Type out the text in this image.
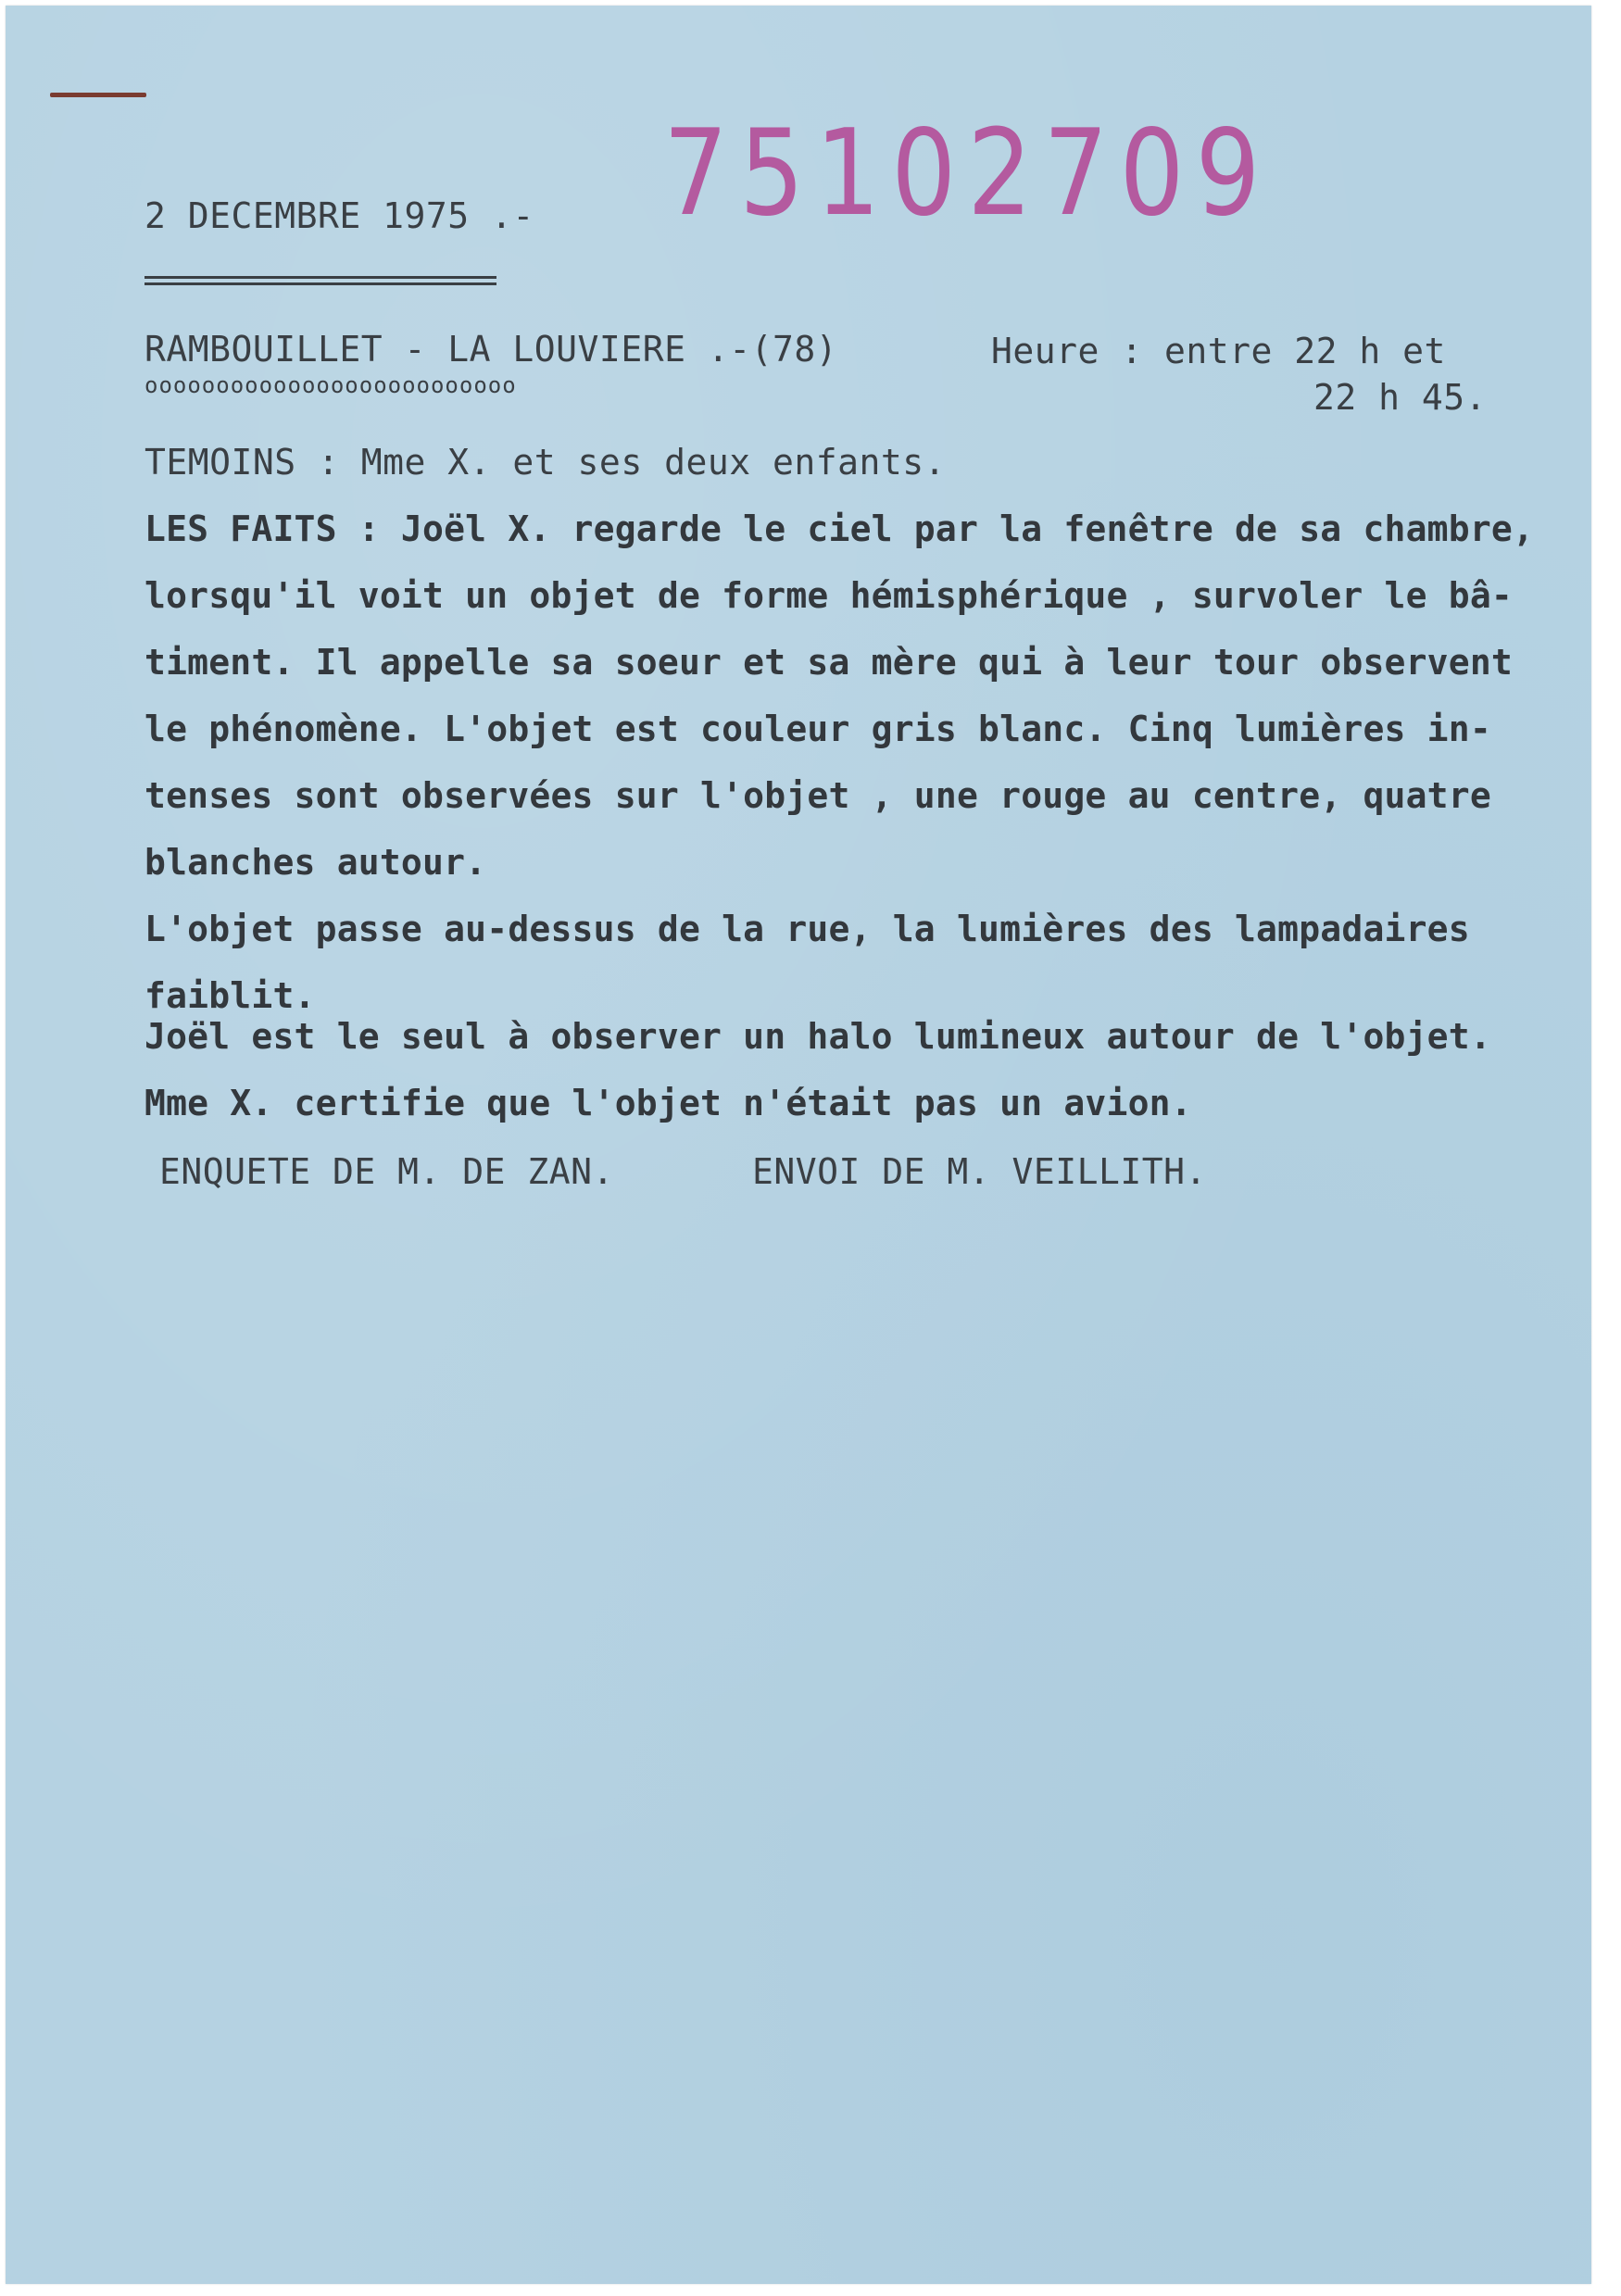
75102709
2 DECEMBRE 1975 .-
RAMBOUILLET - LA LOUVIERE .-(78)
oooooooooooooooooooooooooo
Heure : entre 22 h et
22 h 45.
TEMOINS : Mme X. et ses deux enfants.
LES FAITS : Joël X. regarde le ciel par la fenêtre de sa chambre,
lorsqu'il voit un objet de forme hémisphérique , survoler le bâ-
timent. Il appelle sa soeur et sa mère qui à leur tour observent
le phénomène. L'objet est couleur gris blanc. Cinq lumières in-
tenses sont observées sur l'objet , une rouge au centre, quatre
blanches autour.
L'objet passe au-dessus de la rue, la lumières des lampadaires
faiblit.
Joël est le seul à observer un halo lumineux autour de l'objet.
Mme X. certifie que l'objet n'était pas un avion.
ENQUETE DE M. DE ZAN.	ENVOI DE M. VEILLITH.
